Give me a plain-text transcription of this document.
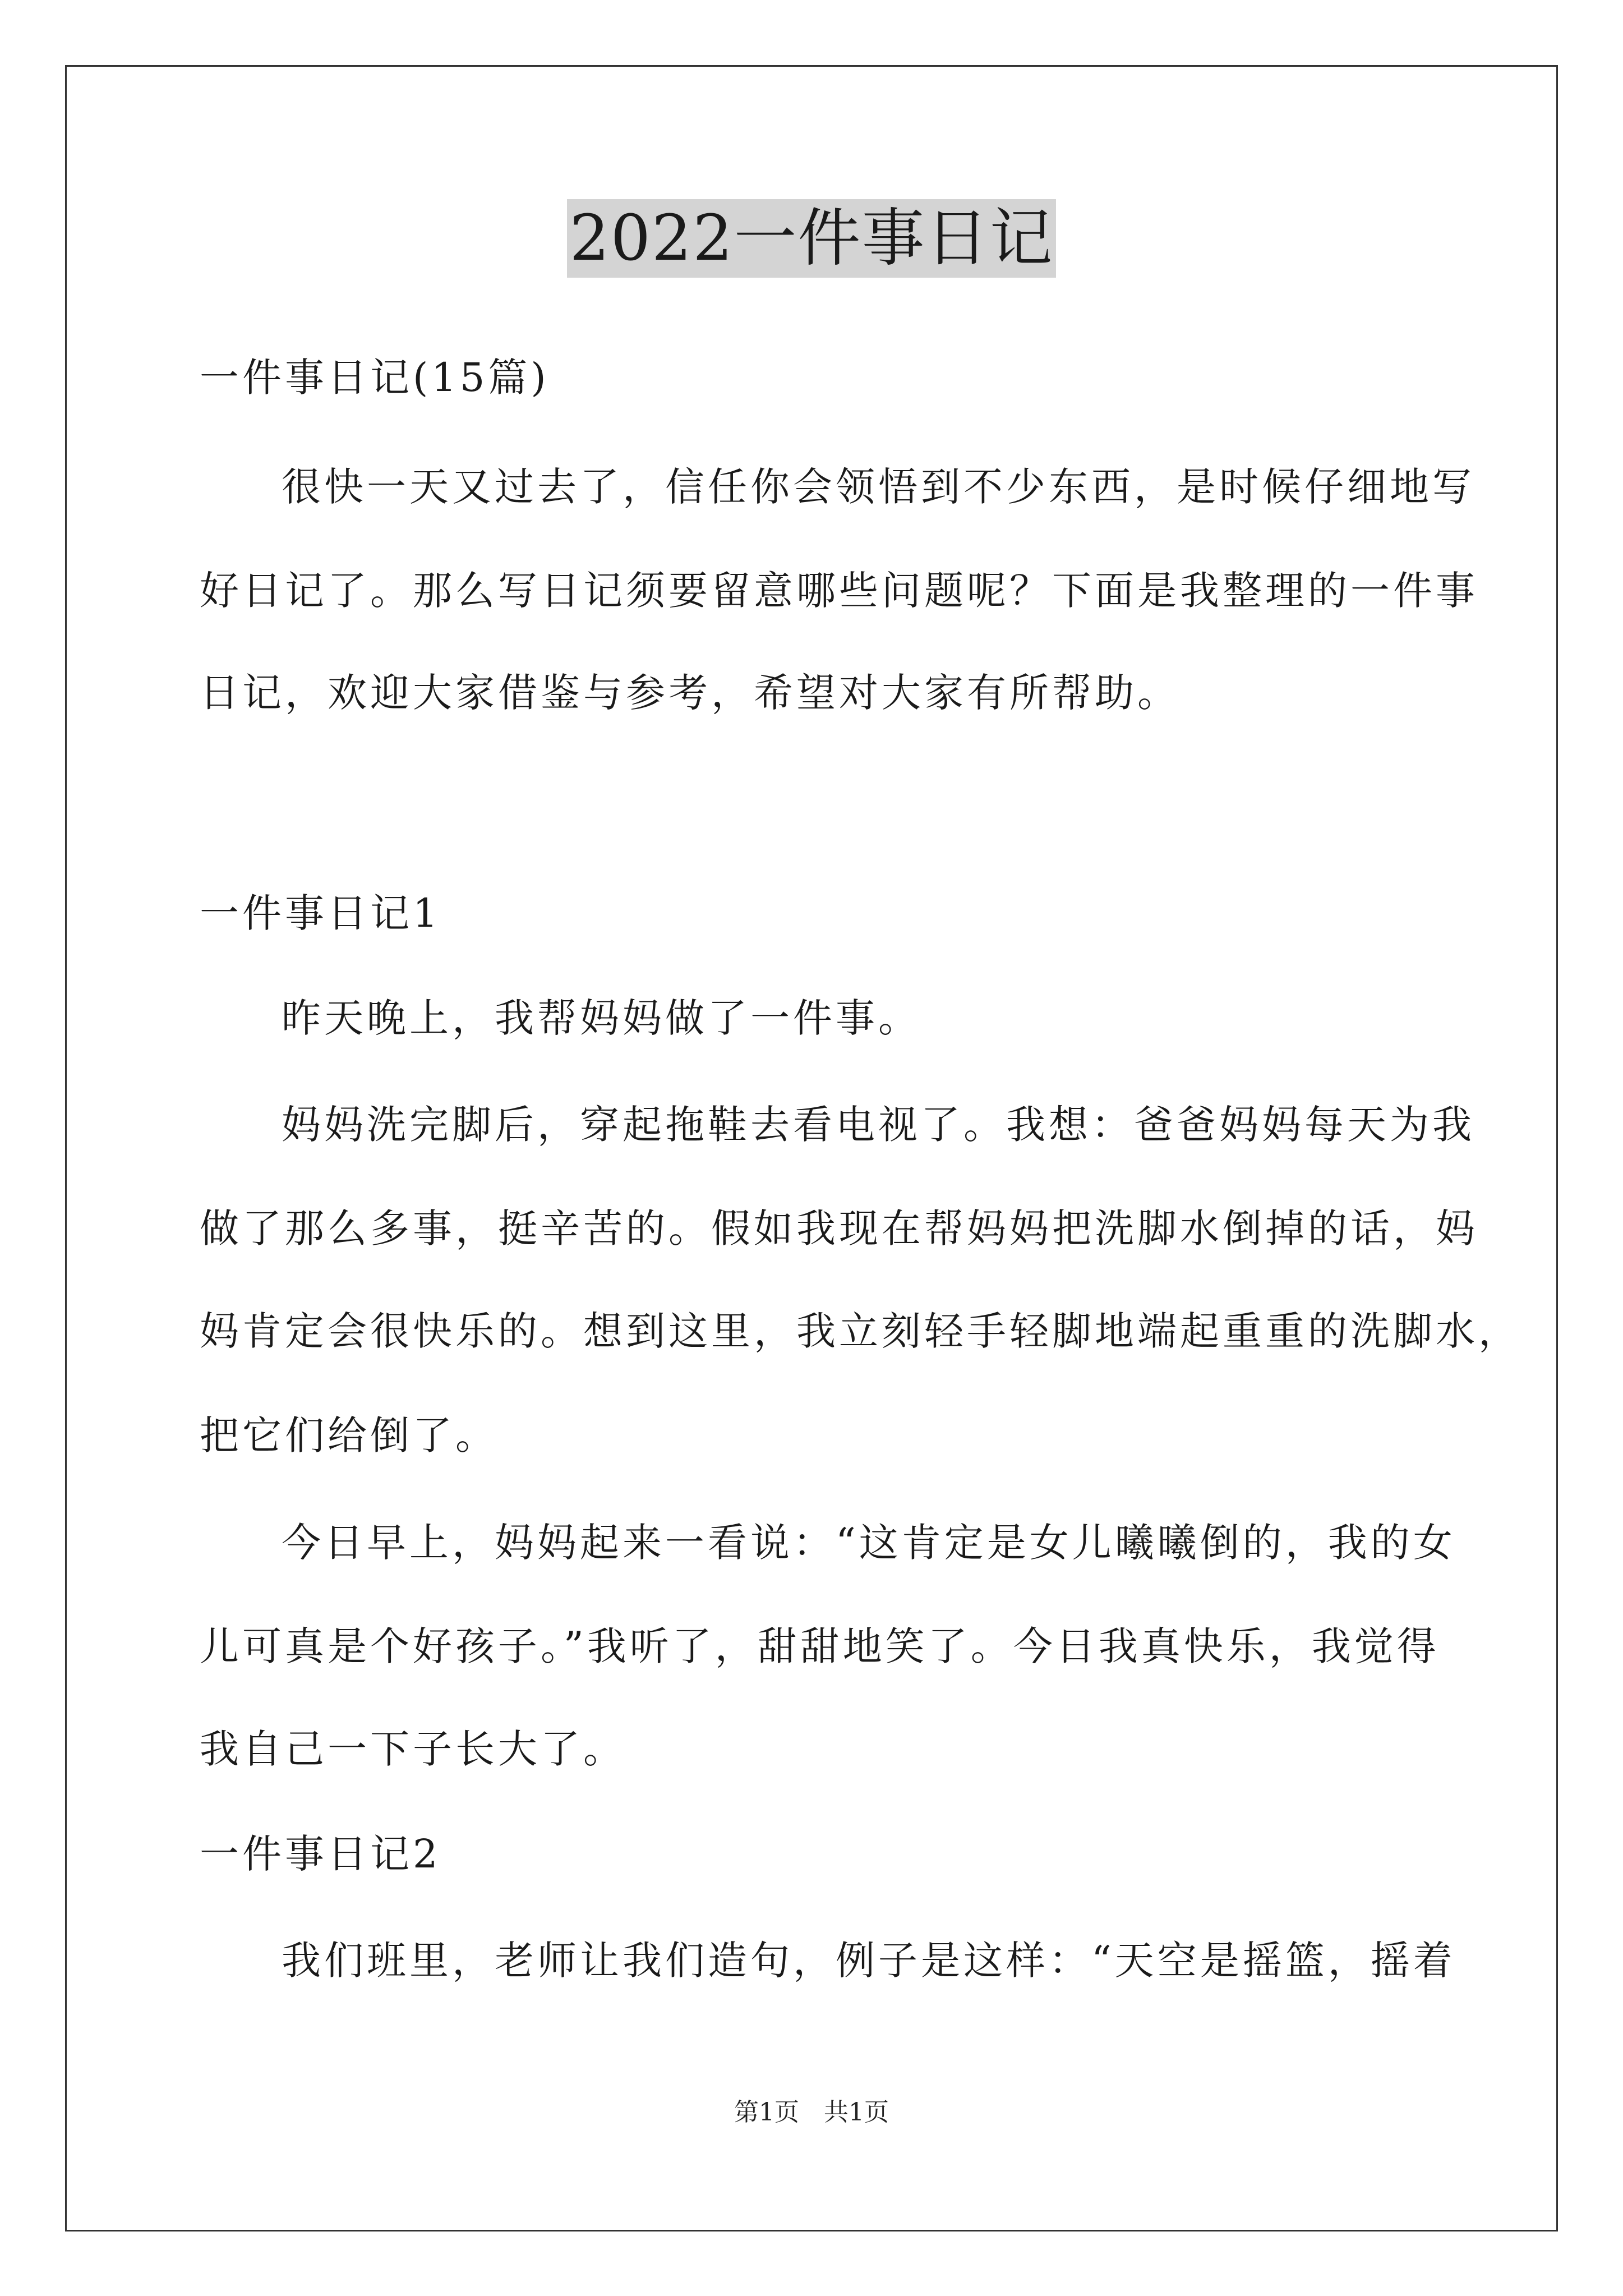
2022一件事日记
一件事日记(15篇)
很快一天又过去了，信任你会领悟到不少东西，是时候仔细地写
好日记了。那么写日记须要留意哪些问题呢？下面是我整理的一件事
日记，欢迎大家借鉴与参考，希望对大家有所帮助。
一件事日记1
昨天晚上，我帮妈妈做了一件事。
妈妈洗完脚后，穿起拖鞋去看电视了。我想：爸爸妈妈每天为我
做了那么多事，挺辛苦的。假如我现在帮妈妈把洗脚水倒掉的话，妈
妈肯定会很快乐的。想到这里，我立刻轻手轻脚地端起重重的洗脚水，
把它们给倒了。
今日早上，妈妈起来一看说：“这肯定是女儿曦曦倒的，我的女
儿可真是个好孩子。”我听了，甜甜地笑了。今日我真快乐，我觉得
我自己一下子长大了。
一件事日记2
我们班里，老师让我们造句，例子是这样：“天空是摇篮，摇着
第1页　共1页
